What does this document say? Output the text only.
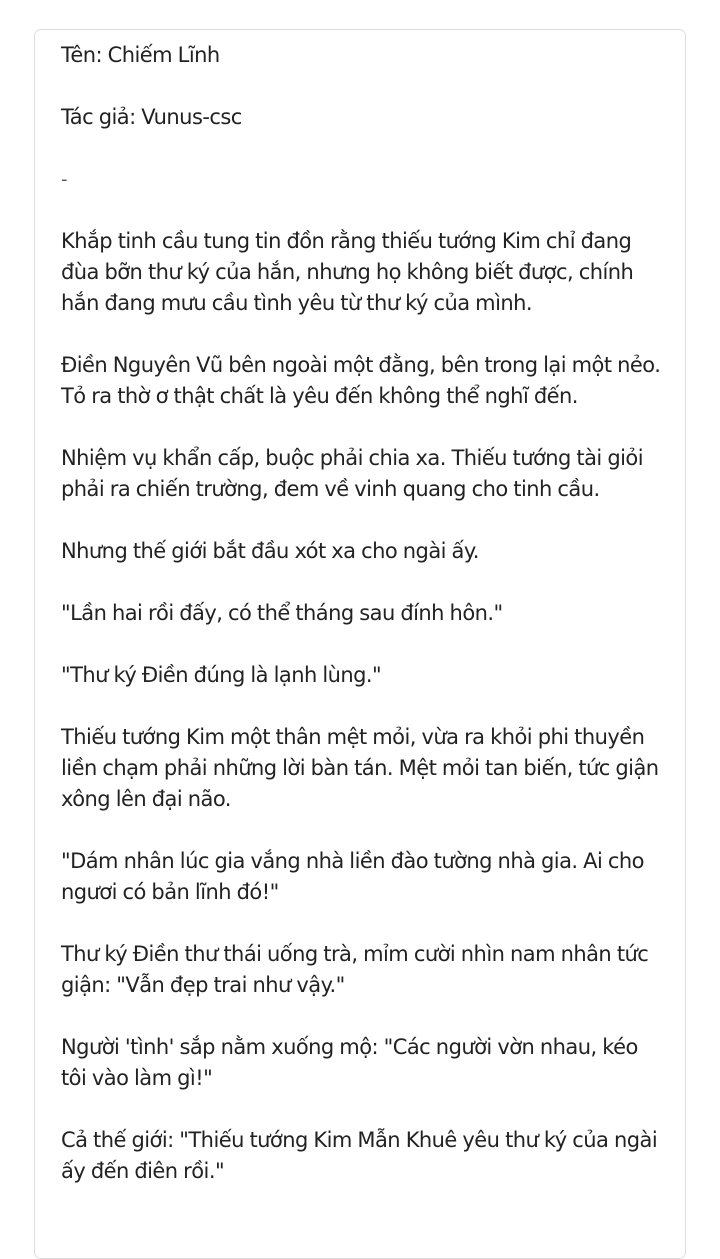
Tên: Chiếm Lĩnh

Tác giả: Vunus-csc

-

Khắp tinh cầu tung tin đồn rằng thiếu tướng Kim chỉ đang
đùa bỡn thư ký của hắn, nhưng họ không biết được, chính
hắn đang mưu cầu tình yêu từ thư ký của mình.

Điền Nguyên Vũ bên ngoài một đằng, bên trong lại một nẻo.
Tỏ ra thờ ơ thật chất là yêu đến không thể nghĩ đến.

Nhiệm vụ khẩn cấp, buộc phải chia xa. Thiếu tướng tài giỏi
phải ra chiến trường, đem về vinh quang cho tinh cầu.

Nhưng thế giới bắt đầu xót xa cho ngài ấy.

"Lần hai rồi đấy, có thể tháng sau đính hôn."

"Thư ký Điền đúng là lạnh lùng."

Thiếu tướng Kim một thân mệt mỏi, vừa ra khỏi phi thuyền
liền chạm phải những lời bàn tán. Mệt mỏi tan biến, tức giận
xông lên đại não.

"Dám nhân lúc gia vắng nhà liền đào tường nhà gia. Ai cho
ngươi có bản lĩnh đó!"

Thư ký Điền thư thái uống trà, mỉm cười nhìn nam nhân tức
giận: "Vẫn đẹp trai như vậy."

Người 'tình' sắp nằm xuống mộ: "Các người vờn nhau, kéo
tôi vào làm gì!"

Cả thế giới: "Thiếu tướng Kim Mẫn Khuê yêu thư ký của ngài
ấy đến điên rồi."
